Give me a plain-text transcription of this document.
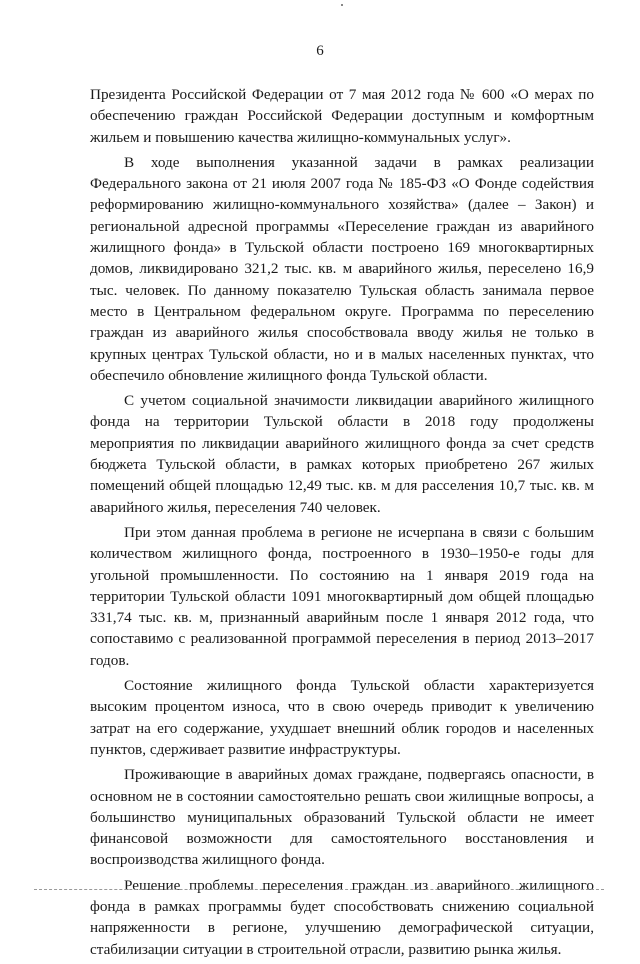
6

Президента Российской Федерации от 7 мая 2012 года № 600 «О мерах по обеспечению граждан Российской Федерации доступным и комфортным жильем и повышению качества жилищно-коммунальных услуг».

В ходе выполнения указанной задачи в рамках реализации Федерального закона от 21 июля 2007 года № 185-ФЗ «О Фонде содействия реформированию жилищно-коммунального хозяйства» (далее – Закон) и региональной адресной программы «Переселение граждан из аварийного жилищного фонда» в Тульской области построено 169 многоквартирных домов, ликвидировано 321,2 тыс. кв. м аварийного жилья, переселено 16,9 тыс. человек. По данному показателю Тульская область занимала первое место в Центральном федеральном округе. Программа по переселению граждан из аварийного жилья способствовала вводу жилья не только в крупных центрах Тульской области, но и в малых населенных пунктах, что обеспечило обновление жилищного фонда Тульской области.

С учетом социальной значимости ликвидации аварийного жилищного фонда на территории Тульской области в 2018 году продолжены мероприятия по ликвидации аварийного жилищного фонда за счет средств бюджета Тульской области, в рамках которых приобретено 267 жилых помещений общей площадью 12,49 тыс. кв. м для расселения 10,7 тыс. кв. м аварийного жилья, переселения 740 человек.

При этом данная проблема в регионе не исчерпана в связи с большим количеством жилищного фонда, построенного в 1930–1950-е годы для угольной промышленности. По состоянию на 1 января 2019 года на территории Тульской области 1091 многоквартирный дом общей площадью 331,74 тыс. кв. м, признанный аварийным после 1 января 2012 года, что сопоставимо с реализованной программой переселения в период 2013–2017 годов.

Состояние жилищного фонда Тульской области характеризуется высоким процентом износа, что в свою очередь приводит к увеличению затрат на его содержание, ухудшает внешний облик городов и населенных пунктов, сдерживает развитие инфраструктуры.

Проживающие в аварийных домах граждане, подвергаясь опасности, в основном не в состоянии самостоятельно решать свои жилищные вопросы, а большинство муниципальных образований Тульской области не имеет финансовой возможности для самостоятельного восстановления и воспроизводства жилищного фонда.

Решение проблемы переселения граждан из аварийного жилищного фонда в рамках программы будет способствовать снижению социальной напряженности в регионе, улучшению демографической ситуации, стабилизации ситуации в строительной отрасли, развитию рынка жилья.
